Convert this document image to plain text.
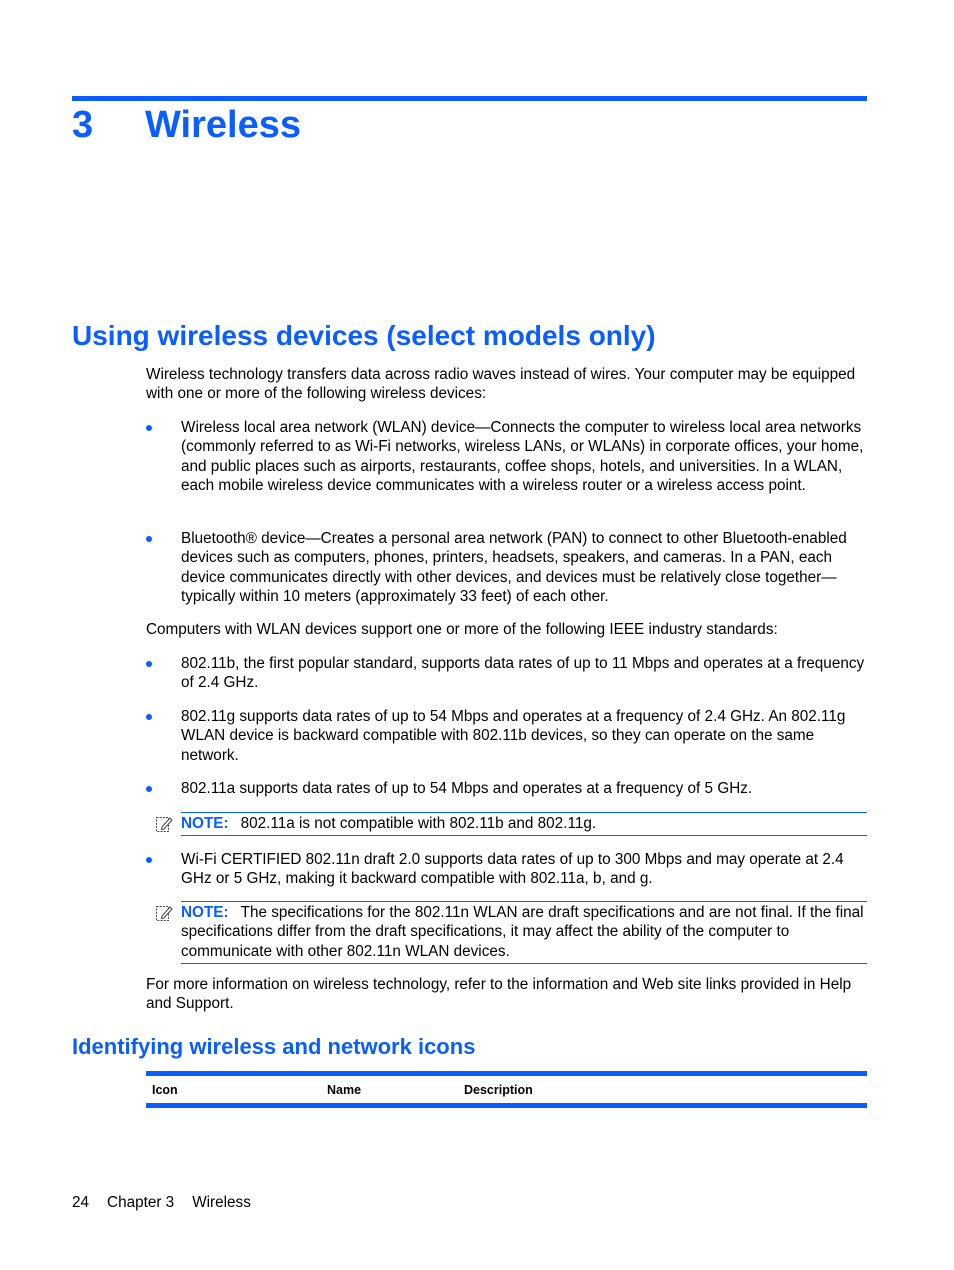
3 Wireless
Using wireless devices (select models only)
Wireless technology transfers data across radio waves instead of wires. Your computer may be equipped with one or more of the following wireless devices:
Wireless local area network (WLAN) device—Connects the computer to wireless local area networks (commonly referred to as Wi-Fi networks, wireless LANs, or WLANs) in corporate offices, your home, and public places such as airports, restaurants, coffee shops, hotels, and universities. In a WLAN, each mobile wireless device communicates with a wireless router or a wireless access point.
Bluetooth® device—Creates a personal area network (PAN) to connect to other Bluetooth-enabled devices such as computers, phones, printers, headsets, speakers, and cameras. In a PAN, each device communicates directly with other devices, and devices must be relatively close together—typically within 10 meters (approximately 33 feet) of each other.
Computers with WLAN devices support one or more of the following IEEE industry standards:
802.11b, the first popular standard, supports data rates of up to 11 Mbps and operates at a frequency of 2.4 GHz.
802.11g supports data rates of up to 54 Mbps and operates at a frequency of 2.4 GHz. An 802.11g WLAN device is backward compatible with 802.11b devices, so they can operate on the same network.
802.11a supports data rates of up to 54 Mbps and operates at a frequency of 5 GHz.
NOTE: 802.11a is not compatible with 802.11b and 802.11g.
Wi-Fi CERTIFIED 802.11n draft 2.0 supports data rates of up to 300 Mbps and may operate at 2.4 GHz or 5 GHz, making it backward compatible with 802.11a, b, and g.
NOTE: The specifications for the 802.11n WLAN are draft specifications and are not final. If the final specifications differ from the draft specifications, it may affect the ability of the computer to communicate with other 802.11n WLAN devices.
For more information on wireless technology, refer to the information and Web site links provided in Help and Support.
Identifying wireless and network icons
Icon	Name	Description
24 Chapter 3 Wireless
